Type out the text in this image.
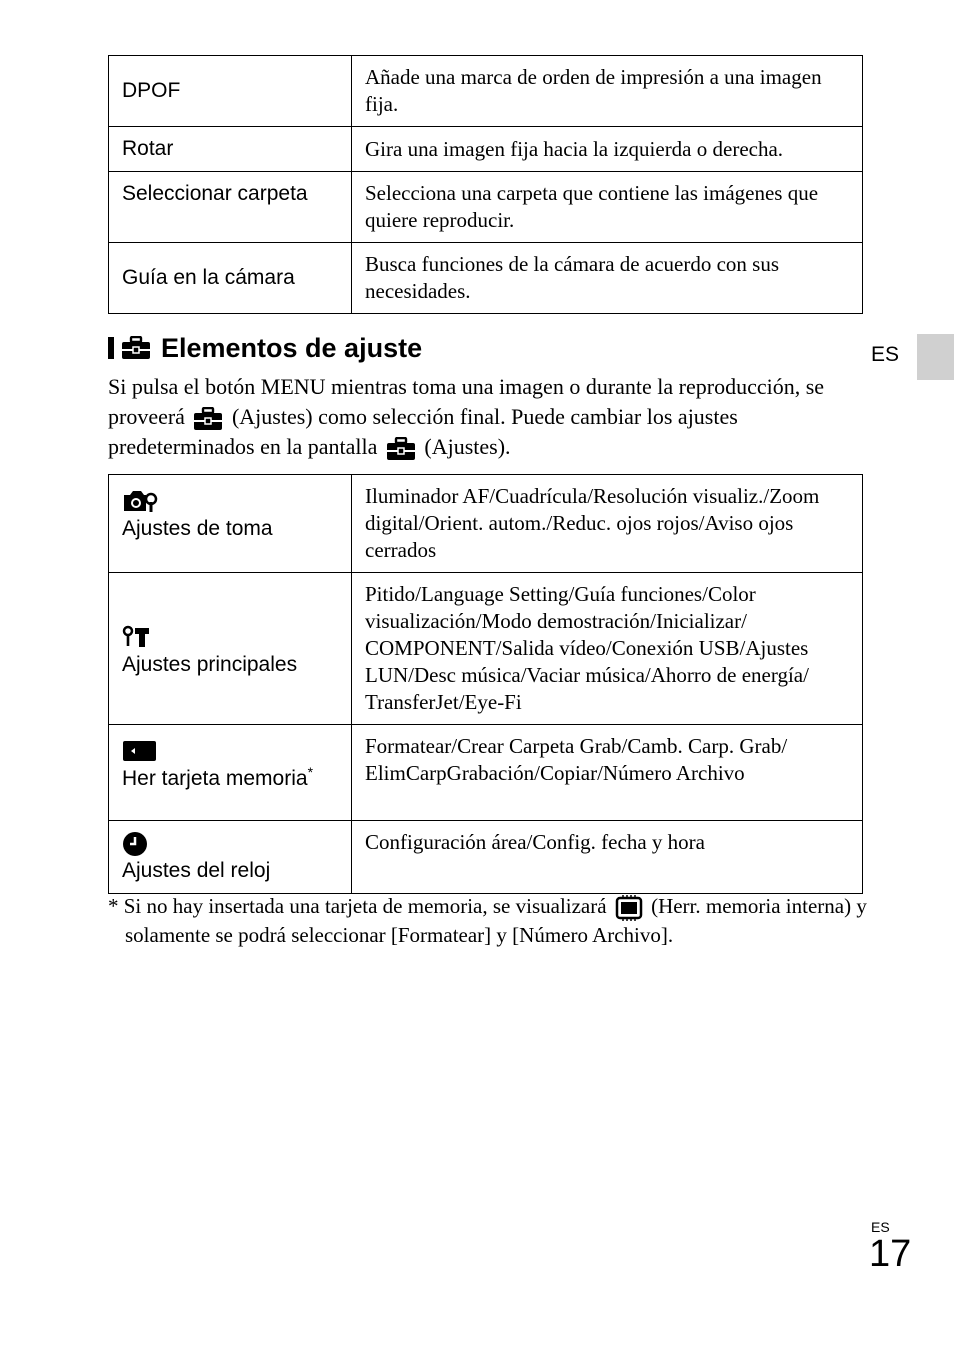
DPOF	Añade una marca de orden de impresión a una imagen fija.
Rotar	Gira una imagen fija hacia la izquierda o derecha.
Seleccionar carpeta	Selecciona una carpeta que contiene las imágenes que quiere reproducir.
Guía en la cámara	Busca funciones de la cámara de acuerdo con sus necesidades.
Elementos de ajuste
Si pulsa el botón MENU mientras toma una imagen o durante la reproducción, se proveerá (Ajustes) como selección final. Puede cambiar los ajustes predeterminados en la pantalla (Ajustes).
Ajustes de toma	Iluminador AF/Cuadrícula/Resolución visualiz./Zoom digital/Orient. autom./Reduc. ojos rojos/Aviso ojos cerrados

Ajustes principales	Pitido/Language Setting/Guía funciones/Color visualización/Modo demostración/Inicializar/ COMPONENT/Salida vídeo/Conexión USB/Ajustes LUN/Desc música/Vaciar música/Ahorro de energía/ TransferJet/Eye-Fi

Her tarjeta memoria*	Formatear/Crear Carpeta Grab/Camb. Carp. Grab/ ElimCarpGrabación/Copiar/Número Archivo

Ajustes del reloj	Configuración área/Config. fecha y hora
* Si no hay insertada una tarjeta de memoria, se visualizará (Herr. memoria interna) y solamente se podrá seleccionar [Formatear] y [Número Archivo].
ES
ES
17
